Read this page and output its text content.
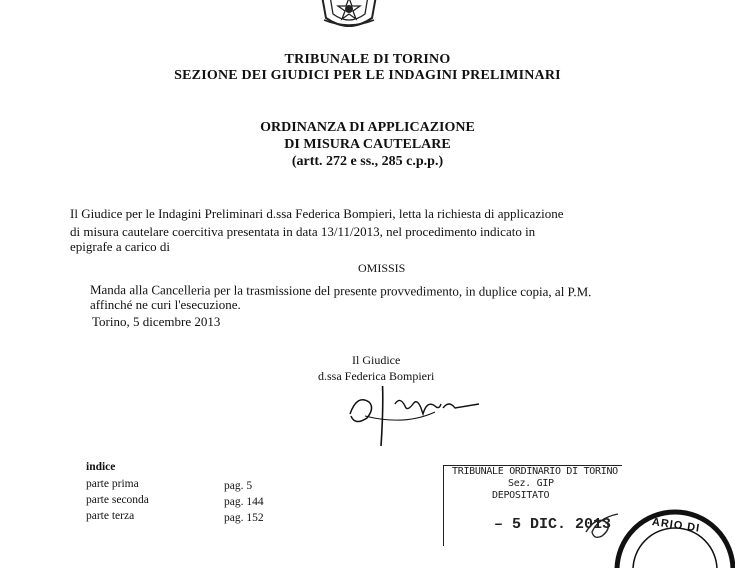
TRIBUNALE DI TORINO
SEZIONE DEI GIUDICI PER LE INDAGINI PRELIMINARI
ORDINANZA DI APPLICAZIONE
DI MISURA CAUTELARE
(artt. 272 e ss., 285 c.p.p.)
Il Giudice per le Indagini Preliminari d.ssa Federica Bompieri, letta la richiesta di applicazione
di misura cautelare coercitiva presentata in data 13/11/2013, nel procedimento indicato in
epigrafe a carico di
OMISSIS
Manda alla Cancelleria per la trasmissione del presente provvedimento, in duplice copia, al P.M.
affinché ne curi l'esecuzione.
Torino, 5 dicembre 2013
Il Giudice
d.ssa Federica Bompieri
indice
parte prima	pag. 5
parte seconda	pag. 144
parte terza	pag. 152
TRIBUNALE ORDINARIO DI TORINO
Sez. GIP
DEPOSITATO
– 5 DIC. 2013	ARIO DI
